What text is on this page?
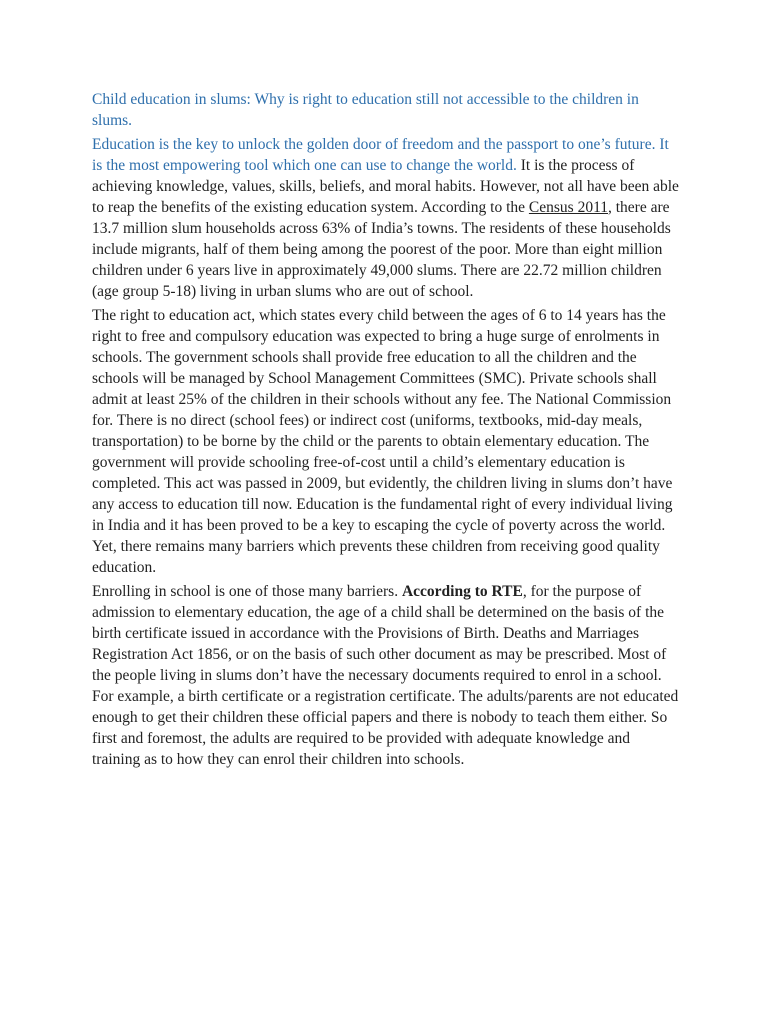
Child education in slums: Why is right to education still not accessible to the children in slums.

Education is the key to unlock the golden door of freedom and the passport to one’s future. It is the most empowering tool which one can use to change the world. It is the process of achieving knowledge, values, skills, beliefs, and moral habits. However, not all have been able to reap the benefits of the existing education system. According to the Census 2011, there are 13.7 million slum households across 63% of India’s towns. The residents of these households include migrants, half of them being among the poorest of the poor. More than eight million children under 6 years live in approximately 49,000 slums. There are 22.72 million children (age group 5-18) living in urban slums who are out of school.

The right to education act, which states every child between the ages of 6 to 14 years has the right to free and compulsory education was expected to bring a huge surge of enrolments in schools. The government schools shall provide free education to all the children and the schools will be managed by School Management Committees (SMC). Private schools shall admit at least 25% of the children in their schools without any fee. The National Commission for. There is no direct (school fees) or indirect cost (uniforms, textbooks, mid-day meals, transportation) to be borne by the child or the parents to obtain elementary education. The government will provide schooling free-of-cost until a child’s elementary education is completed. This act was passed in 2009, but evidently, the children living in slums don’t have any access to education till now. Education is the fundamental right of every individual living in India and it has been proved to be a key to escaping the cycle of poverty across the world. Yet, there remains many barriers which prevents these children from receiving good quality education.

Enrolling in school is one of those many barriers. According to RTE, for the purpose of admission to elementary education, the age of a child shall be determined on the basis of the birth certificate issued in accordance with the Provisions of Birth. Deaths and Marriages Registration Act 1856, or on the basis of such other document as may be prescribed. Most of the people living in slums don’t have the necessary documents required to enrol in a school. For example, a birth certificate or a registration certificate. The adults/parents are not educated enough to get their children these official papers and there is nobody to teach them either. So first and foremost, the adults are required to be provided with adequate knowledge and training as to how they can enrol their children into schools.
